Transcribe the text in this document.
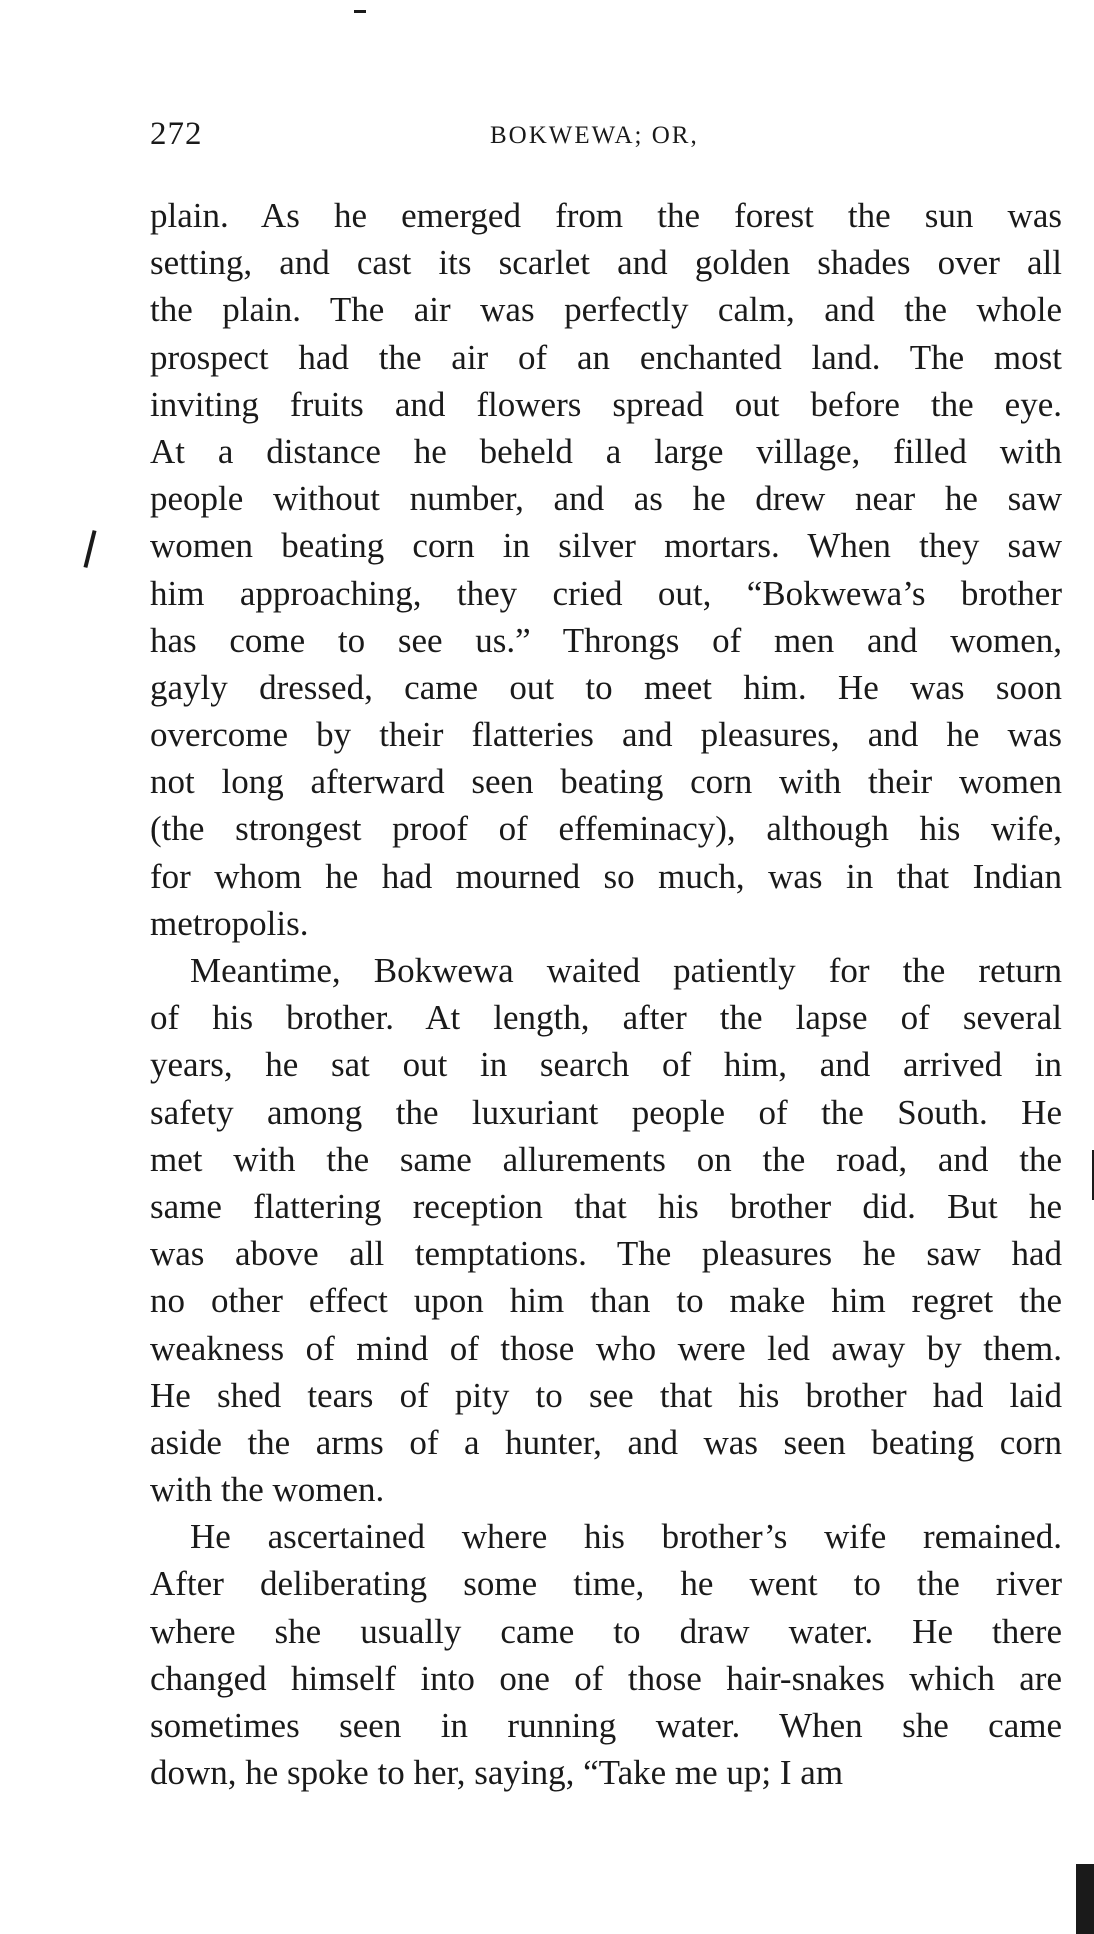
272	BOKWEWA; OR,
plain. As he emerged from the forest the sun was
setting, and cast its scarlet and golden shades over all
the plain. The air was perfectly calm, and the whole
prospect had the air of an enchanted land. The most
inviting fruits and flowers spread out before the eye.
At a distance he beheld a large village, filled with
people without number, and as he drew near he saw
women beating corn in silver mortars. When they saw
him approaching, they cried out, “Bokwewa’s brother
has come to see us.” Throngs of men and women,
gayly dressed, came out to meet him. He was soon
overcome by their flatteries and pleasures, and he was
not long afterward seen beating corn with their women
(the strongest proof of effeminacy), although his wife,
for whom he had mourned so much, was in that Indian
metropolis.
Meantime, Bokwewa waited patiently for the return
of his brother. At length, after the lapse of several
years, he sat out in search of him, and arrived in
safety among the luxuriant people of the South. He
met with the same allurements on the road, and the
same flattering reception that his brother did. But he
was above all temptations. The pleasures he saw had
no other effect upon him than to make him regret the
weakness of mind of those who were led away by them.
He shed tears of pity to see that his brother had laid
aside the arms of a hunter, and was seen beating corn
with the women.
He ascertained where his brother’s wife remained.
After deliberating some time, he went to the river
where she usually came to draw water. He there
changed himself into one of those hair-snakes which are
sometimes seen in running water. When she came
down, he spoke to her, saying, “Take me up; I am
